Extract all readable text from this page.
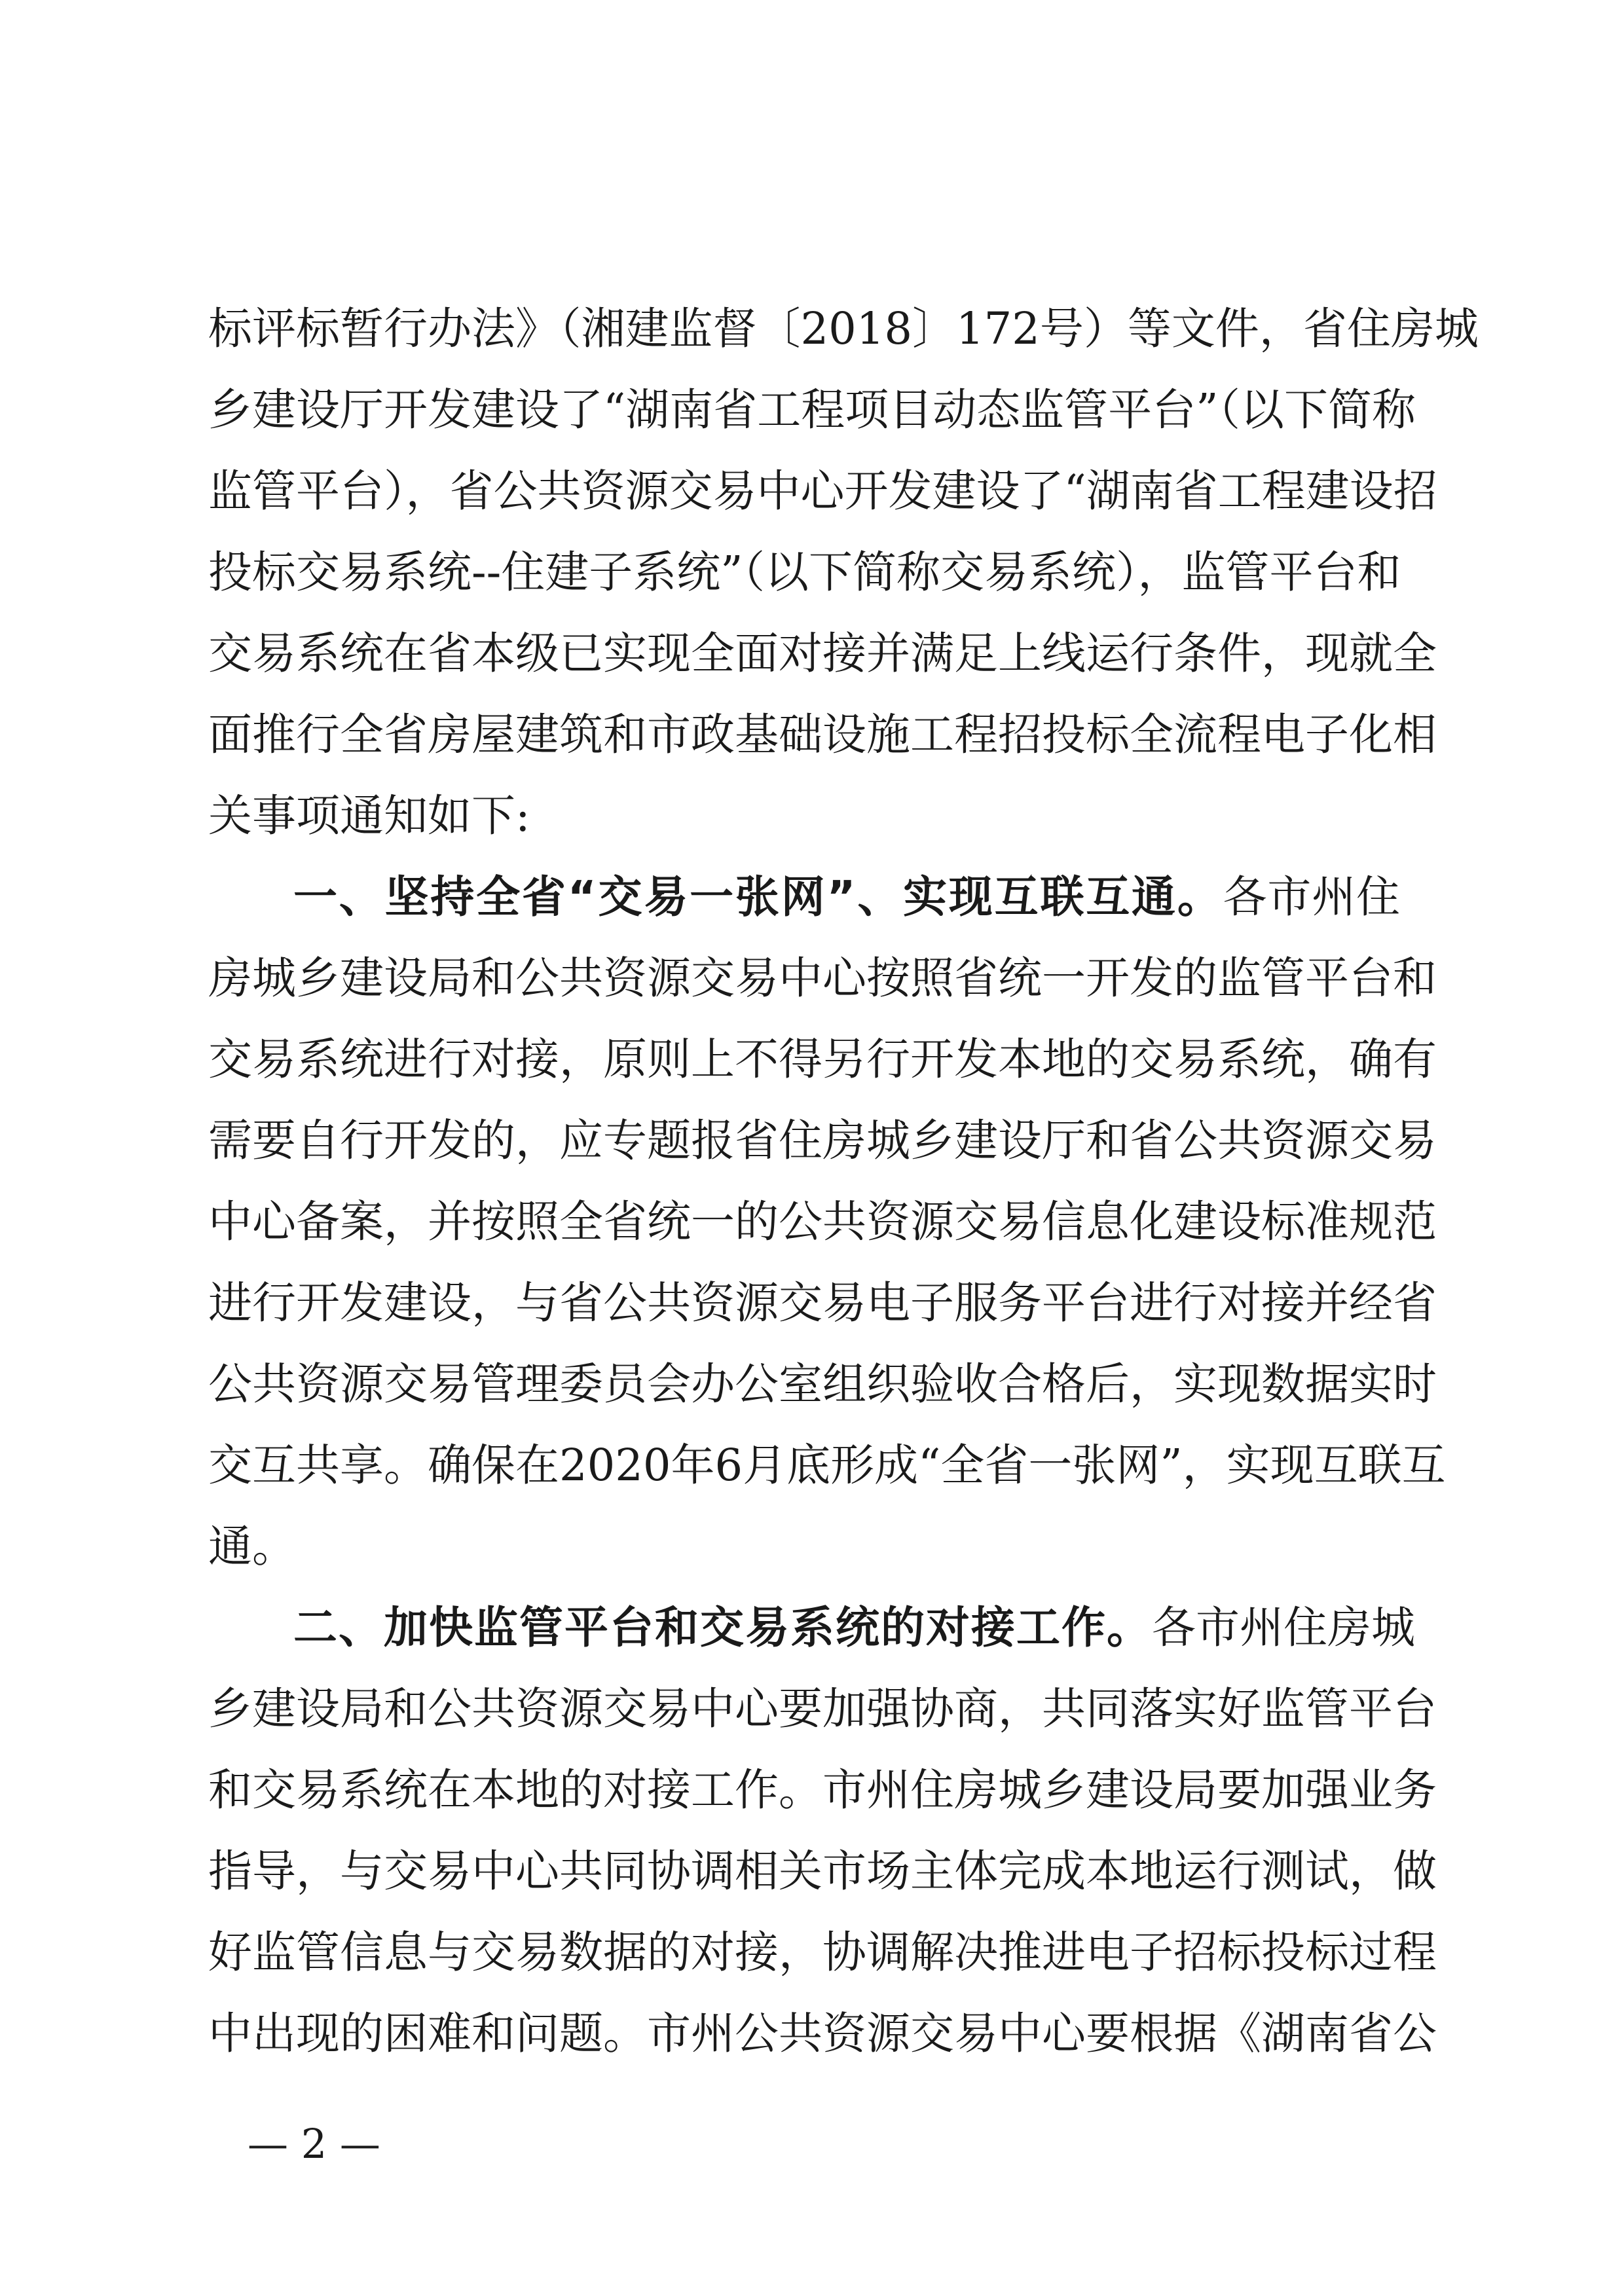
标评标暂行办法》（湘建监督〔2018〕172号）等文件，省住房城
乡建设厅开发建设了“湖南省工程项目动态监管平台”（以下简称
监管平台），省公共资源交易中心开发建设了“湖南省工程建设招
投标交易系统--住建子系统”（以下简称交易系统），监管平台和
交易系统在省本级已实现全面对接并满足上线运行条件，现就全
面推行全省房屋建筑和市政基础设施工程招投标全流程电子化相
关事项通知如下:
一、坚持全省“交易一张网”、实现互联互通。各市州住
房城乡建设局和公共资源交易中心按照省统一开发的监管平台和
交易系统进行对接，原则上不得另行开发本地的交易系统，确有
需要自行开发的，应专题报省住房城乡建设厅和省公共资源交易
中心备案，并按照全省统一的公共资源交易信息化建设标准规范
进行开发建设，与省公共资源交易电子服务平台进行对接并经省
公共资源交易管理委员会办公室组织验收合格后，实现数据实时
交互共享。确保在2020年6月底形成“全省一张网”，实现互联互
通。
二、加快监管平台和交易系统的对接工作。各市州住房城
乡建设局和公共资源交易中心要加强协商，共同落实好监管平台
和交易系统在本地的对接工作。市州住房城乡建设局要加强业务
指导，与交易中心共同协调相关市场主体完成本地运行测试，做
好监管信息与交易数据的对接，协调解决推进电子招标投标过程
中出现的困难和问题。市州公共资源交易中心要根据《湖南省公
— 2 —
